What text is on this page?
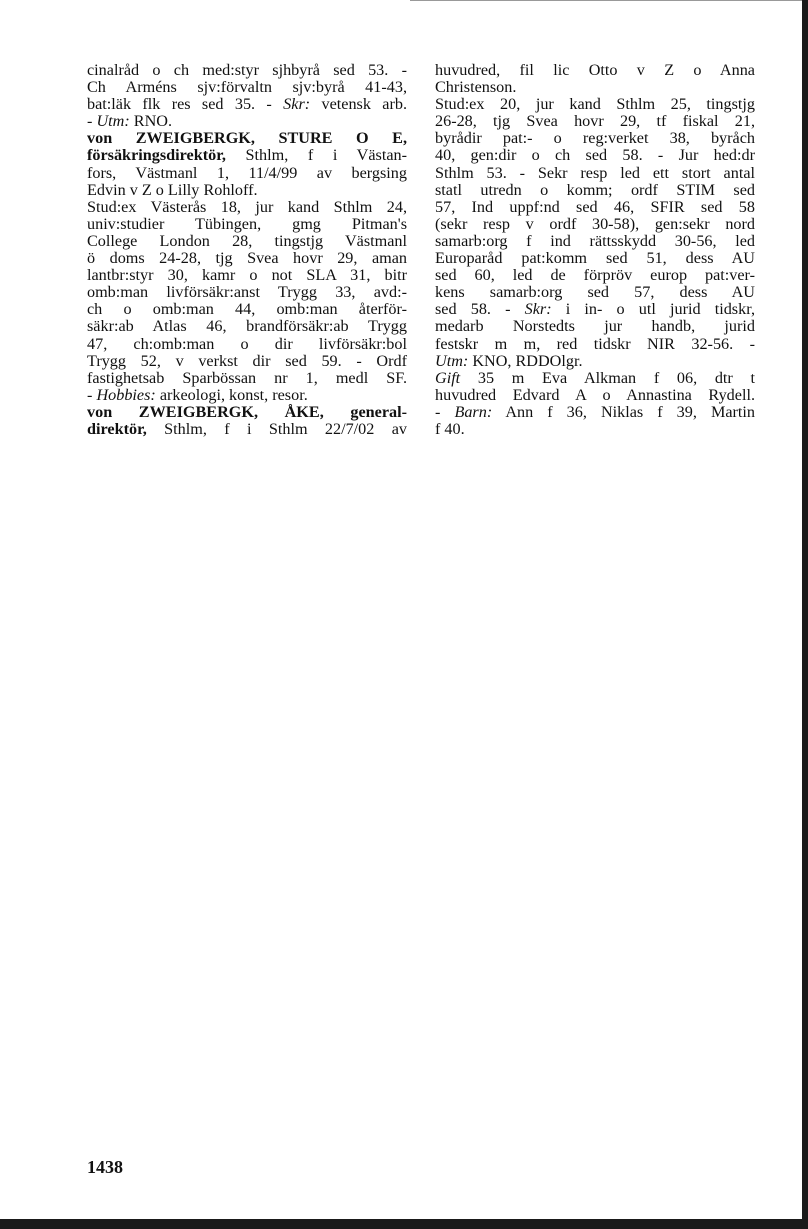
cinalråd o ch med:styr sjhbyrå sed 53. -
Ch Arméns sjv:förvaltn sjv:byrå 41-43,
bat:läk flk res sed 35. - Skr: vetensk arb.
- Utm: RNO.
von ZWEIGBERGK, STURE O E,
försäkringsdirektör, Sthlm, f i Västan-
fors, Västmanl 1, 11/4/99 av bergsing
Edvin v Z o Lilly Rohloff.
Stud:ex Västerås 18, jur kand Sthlm 24,
univ:studier Tübingen, gmg Pitman's
College London 28, tingstjg Västmanl
ö doms 24-28, tjg Svea hovr 29, aman
lantbr:styr 30, kamr o not SLA 31, bitr
omb:man livförsäkr:anst Trygg 33, avd:-
ch o omb:man 44, omb:man återför-
säkr:ab Atlas 46, brandförsäkr:ab Trygg
47, ch:omb:man o dir livförsäkr:bol
Trygg 52, v verkst dir sed 59. - Ordf
fastighetsab Sparbössan nr 1, medl SF.
- Hobbies: arkeologi, konst, resor.
von ZWEIGBERGK, ÅKE, general-
direktör, Sthlm, f i Sthlm 22/7/02 av
huvudred, fil lic Otto v Z o Anna
Christenson.
Stud:ex 20, jur kand Sthlm 25, tingstjg
26-28, tjg Svea hovr 29, tf fiskal 21,
byrådir pat:- o reg:verket 38, byråch
40, gen:dir o ch sed 58. - Jur hed:dr
Sthlm 53. - Sekr resp led ett stort antal
statl utredn o komm; ordf STIM sed
57, Ind uppf:nd sed 46, SFIR sed 58
(sekr resp v ordf 30-58), gen:sekr nord
samarb:org f ind rättsskydd 30-56, led
Europaråd pat:komm sed 51, dess AU
sed 60, led de förpröv europ pat:ver-
kens samarb:org sed 57, dess AU
sed 58. - Skr: i in- o utl jurid tidskr,
medarb Norstedts jur handb, jurid
festskr m m, red tidskr NIR 32-56. -
Utm: KNO, RDDOlgr.
Gift 35 m Eva Alkman f 06, dtr t
huvudred Edvard A o Annastina Rydell.
- Barn: Ann f 36, Niklas f 39, Martin
f 40.
1438
